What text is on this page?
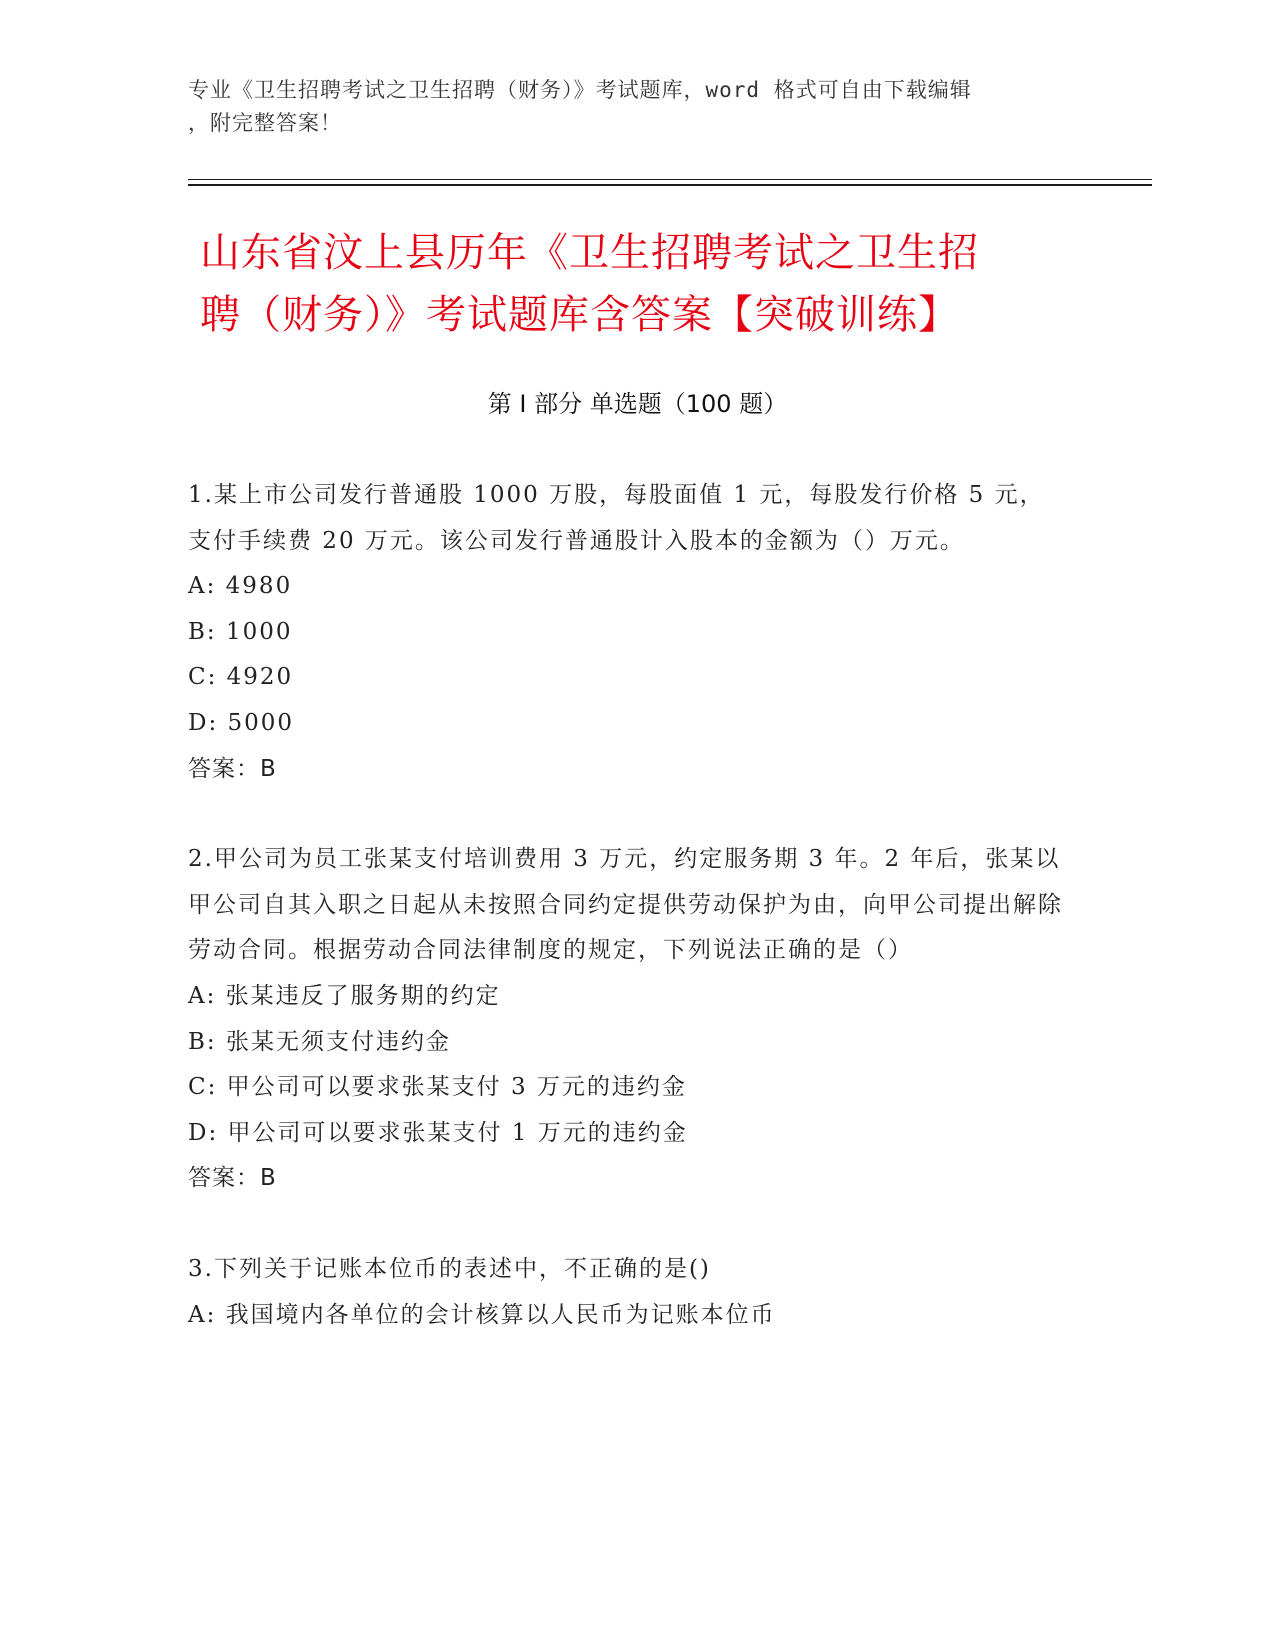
专业《卫生招聘考试之卫生招聘（财务）》考试题库，word 格式可自由下载编辑
，附完整答案！
山东省汶上县历年《卫生招聘考试之卫生招
聘（财务）》考试题库含答案【突破训练】
第 I 部分 单选题（100 题）

1.某上市公司发行普通股 1000 万股，每股面值 1 元，每股发行价格 5 元，支付手续费 20 万元。该公司发行普通股计入股本的金额为（）万元。

A: 4980

B: 1000

C: 4920

D: 5000

答案：B

2.甲公司为员工张某支付培训费用 3 万元，约定服务期 3 年。2 年后，张某以甲公司自其入职之日起从未按照合同约定提供劳动保护为由，向甲公司提出解除劳动合同。根据劳动合同法律制度的规定，下列说法正确的是（）

A: 张某违反了服务期的约定

B: 张某无须支付违约金

C: 甲公司可以要求张某支付 3 万元的违约金

D: 甲公司可以要求张某支付 1 万元的违约金

答案：B

3.下列关于记账本位币的表述中，不正确的是()

A: 我国境内各单位的会计核算以人民币为记账本位币
